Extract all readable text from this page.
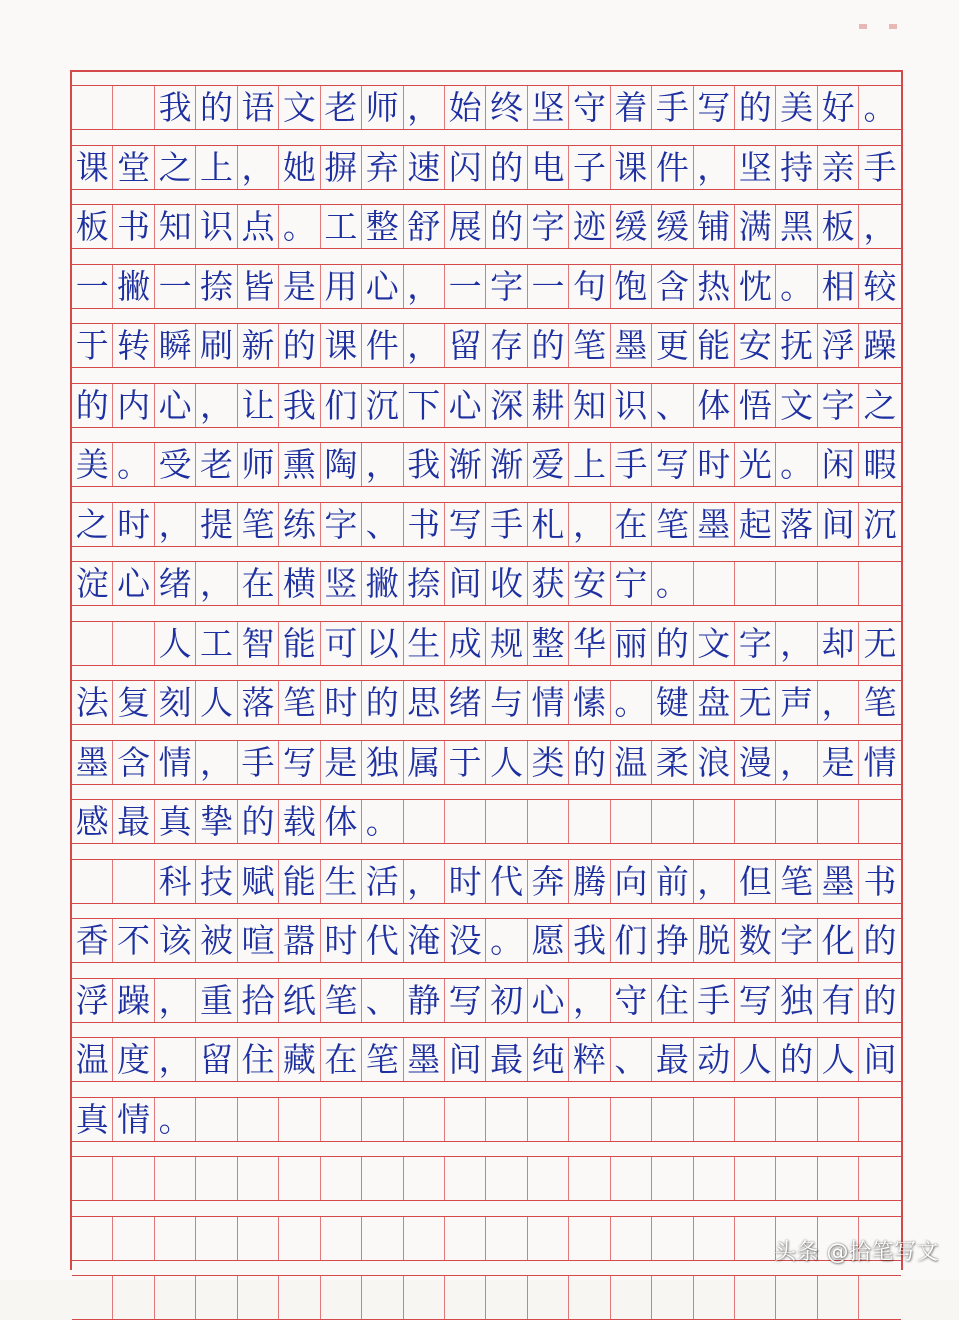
我 的 语 文 老 师 ， 始 终 坚 守 着 手 写 的 美 好 。
课 堂 之 上 ， 她 摒 弃 速 闪 的 电 子 课 件 ， 坚 持 亲 手
板 书 知 识 点 。 工 整 舒 展 的 字 迹 缓 缓 铺 满 黑 板 ，
一 撇 一 捺 皆 是 用 心 ， 一 字 一 句 饱 含 热 忱 。 相 较
于 转 瞬 刷 新 的 课 件 ， 留 存 的 笔 墨 更 能 安 抚 浮 躁
的 内 心 ， 让 我 们 沉 下 心 深 耕 知 识 、 体 悟 文 字 之
美 。 受 老 师 熏 陶 ， 我 渐 渐 爱 上 手 写 时 光 。 闲 暇
之 时 ， 提 笔 练 字 、 书 写 手 札 ， 在 笔 墨 起 落 间 沉
淀 心 绪 ， 在 横 竖 撇 捺 间 收 获 安 宁 。
人 工 智 能 可 以 生 成 规 整 华 丽 的 文 字 ， 却 无
法 复 刻 人 落 笔 时 的 思 绪 与 情 愫 。 键 盘 无 声 ， 笔
墨 含 情 ， 手 写 是 独 属 于 人 类 的 温 柔 浪 漫 ， 是 情
感 最 真 挚 的 载 体 。
科 技 赋 能 生 活 ， 时 代 奔 腾 向 前 ， 但 笔 墨 书
香 不 该 被 喧 嚣 时 代 淹 没 。 愿 我 们 挣 脱 数 字 化 的
浮 躁 ， 重 拾 纸 笔 、 静 写 初 心 ， 守 住 手 写 独 有 的
温 度 ， 留 住 藏 在 笔 墨 间 最 纯 粹 、 最 动 人 的 人 间
真 情 。
头条 @拾笔写文
